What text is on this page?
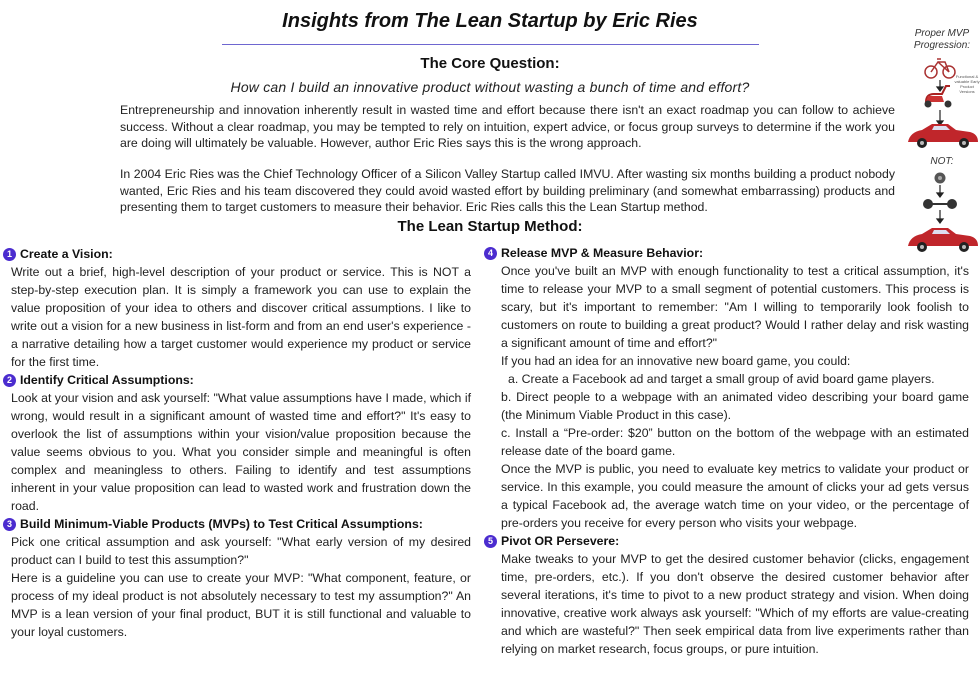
Insights from The Lean Startup by Eric Ries
The Core Question:
How can I build an innovative product without wasting a bunch of time and effort?

Entrepreneurship and innovation inherently result in wasted time and effort because there isn't an exact roadmap you can follow to achieve success. Without a clear roadmap, you may be tempted to rely on intuition, expert advice, or focus group surveys to determine if the work you are doing will ultimately be valuable. However, author Eric Ries says this is the wrong approach.

In 2004 Eric Ries was the Chief Technology Officer of a Silicon Valley Startup called IMVU. After wasting six months building a product nobody wanted, Eric Ries and his team discovered they could avoid wasted effort by building preliminary (and somewhat embarrassing) products and presenting them to target customers to measure their behavior. Eric Ries calls this the Lean Startup method.

The Lean Startup Method:
Proper MVP Progression:
Functional & valuable Early Product Versions
NOT:
1 Create a Vision:

Write out a brief, high-level description of your product or service. This is NOT a step-by-step execution plan. It is simply a framework you can use to explain the value proposition of your idea to others and discover critical assumptions. I like to write out a vision for a new business in list-form and from an end user's experience - a narrative detailing how a target customer would experience my product or service for the first time.

2 Identify Critical Assumptions:

Look at your vision and ask yourself: "What value assumptions have I made, which if wrong, would result in a significant amount of wasted time and effort?" It's easy to overlook the list of assumptions within your vision/value proposition because the value seems obvious to you. What you consider simple and meaningful is often complex and meaningless to others. Failing to identify and test assumptions inherent in your value proposition can lead to wasted work and frustration down the road.

3 Build Minimum-Viable Products (MVPs) to Test Critical Assumptions:

Pick one critical assumption and ask yourself: "What early version of my desired product can I build to test this assumption?"

Here is a guideline you can use to create your MVP: "What component, feature, or process of my ideal product is not absolutely necessary to test my assumption?" An MVP is a lean version of your final product, BUT it is still functional and valuable to your loyal customers.

4 Release MVP & Measure Behavior:

Once you've built an MVP with enough functionality to test a critical assumption, it's time to release your MVP to a small segment of potential customers. This process is scary, but it's important to remember: "Am I willing to temporarily look foolish to customers on route to building a great product? Would I rather delay and risk wasting a significant amount of time and effort?"

If you had an idea for an innovative new board game, you could:

a. Create a Facebook ad and target a small group of avid board game players.

b. Direct people to a webpage with an animated video describing your board game (the Minimum Viable Product in this case).

c. Install a “Pre-order: $20” button on the bottom of the webpage with an estimated release date of the board game.

Once the MVP is public, you need to evaluate key metrics to validate your product or service. In this example, you could measure the amount of clicks your ad gets versus a typical Facebook ad, the average watch time on your video, or the percentage of pre-orders you receive for every person who visits your webpage.

5 Pivot OR Persevere:

Make tweaks to your MVP to get the desired customer behavior (clicks, engagement time, pre-orders, etc.). If you don't observe the desired customer behavior after several iterations, it's time to pivot to a new product strategy and vision. When doing innovative, creative work always ask yourself: "Which of my efforts are value-creating and which are wasteful?" Then seek empirical data from live experiments rather than relying on market research, focus groups, or pure intuition.
